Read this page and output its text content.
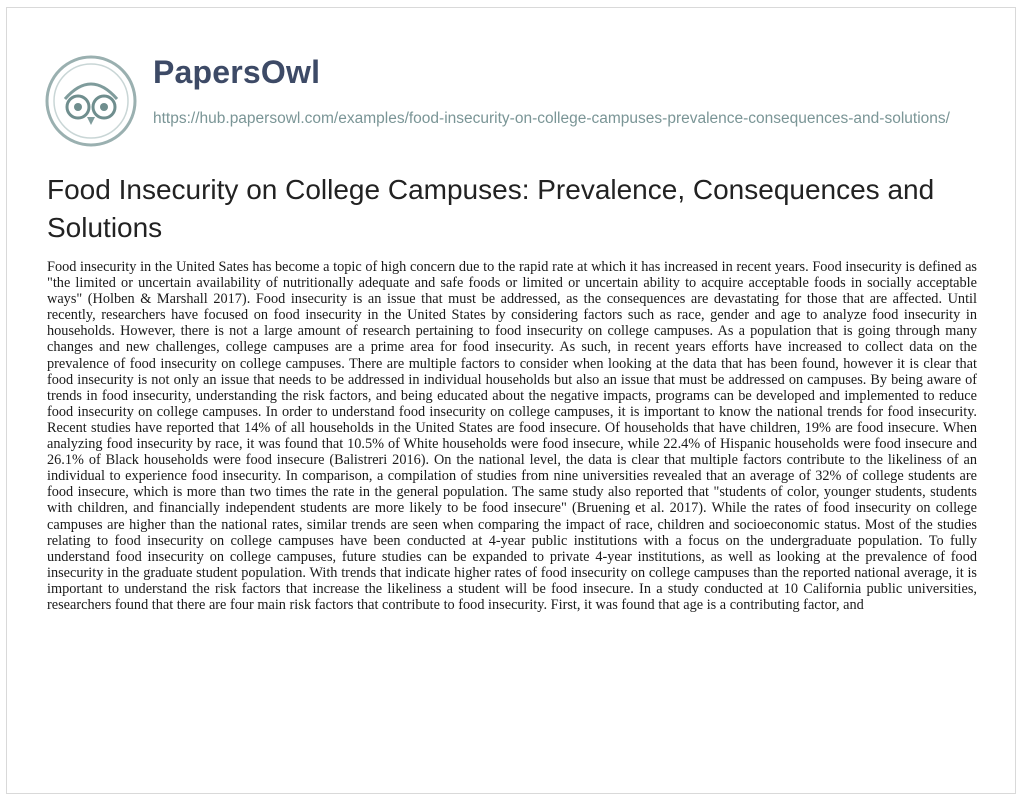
PapersOwl
https://hub.papersowl.com/examples/food-insecurity-on-college-campuses-prevalence-consequences-and-solutions/
Food Insecurity on College Campuses: Prevalence, Consequences and Solutions
Food insecurity in the United Sates has become a topic of high concern due to the rapid rate at which it has increased in recent years. Food insecurity is defined as "the limited or uncertain availability of nutritionally adequate and safe foods or limited or uncertain ability to acquire acceptable foods in socially acceptable ways" (Holben & Marshall 2017). Food insecurity is an issue that must be addressed, as the consequences are devastating for those that are affected. Until recently, researchers have focused on food insecurity in the United States by considering factors such as race, gender and age to analyze food insecurity in households. However, there is not a large amount of research pertaining to food insecurity on college campuses. As a population that is going through many changes and new challenges, college campuses are a prime area for food insecurity. As such, in recent years efforts have increased to collect data on the prevalence of food insecurity on college campuses. There are multiple factors to consider when looking at the data that has been found, however it is clear that food insecurity is not only an issue that needs to be addressed in individual households but also an issue that must be addressed on campuses. By being aware of trends in food insecurity, understanding the risk factors, and being educated about the negative impacts, programs can be developed and implemented to reduce food insecurity on college campuses. In order to understand food insecurity on college campuses, it is important to know the national trends for food insecurity. Recent studies have reported that 14% of all households in the United States are food insecure. Of households that have children, 19% are food insecure. When analyzing food insecurity by race, it was found that 10.5% of White households were food insecure, while 22.4% of Hispanic households were food insecure and 26.1% of Black households were food insecure (Balistreri 2016). On the national level, the data is clear that multiple factors contribute to the likeliness of an individual to experience food insecurity. In comparison, a compilation of studies from nine universities revealed that an average of 32% of college students are food insecure, which is more than two times the rate in the general population. The same study also reported that "students of color, younger students, students with children, and financially independent students are more likely to be food insecure" (Bruening et al. 2017). While the rates of food insecurity on college campuses are higher than the national rates, similar trends are seen when comparing the impact of race, children and socioeconomic status. Most of the studies relating to food insecurity on college campuses have been conducted at 4-year public institutions with a focus on the undergraduate population. To fully understand food insecurity on college campuses, future studies can be expanded to private 4-year institutions, as well as looking at the prevalence of food insecurity in the graduate student population. With trends that indicate higher rates of food insecurity on college campuses than the reported national average, it is important to understand the risk factors that increase the likeliness a student will be food insecure. In a study conducted at 10 California public universities, researchers found that there are four main risk factors that contribute to food insecurity. First, it was found that age is a contributing factor, and
